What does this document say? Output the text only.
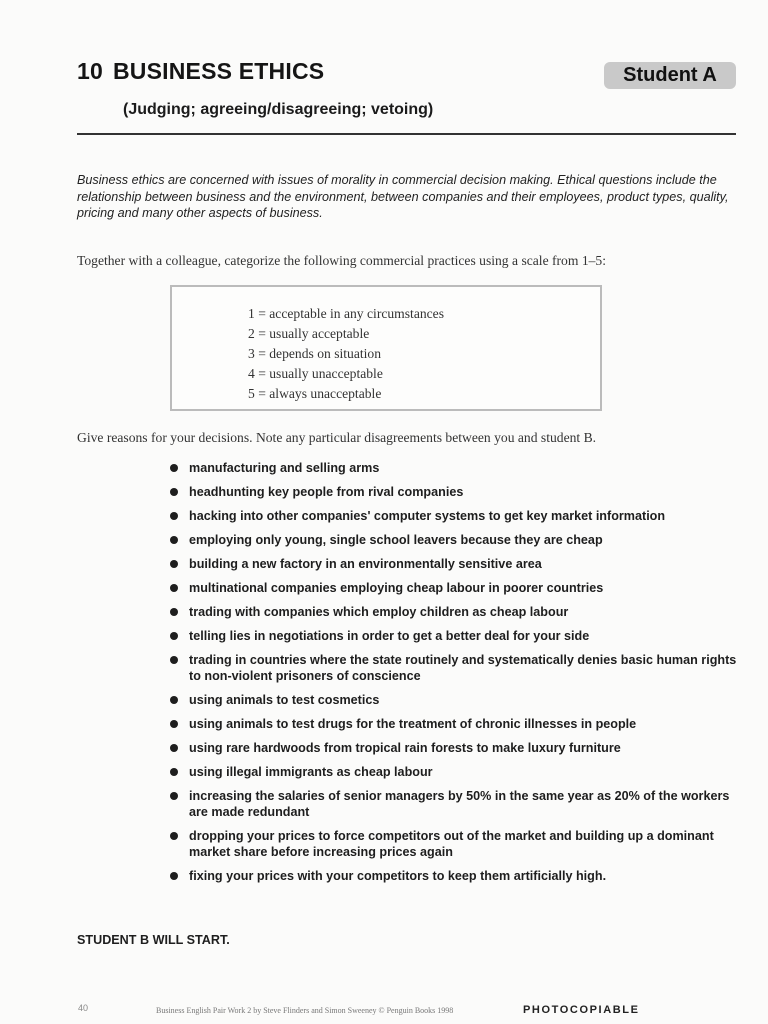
10 BUSINESS ETHICS	Student A
(Judging; agreeing/disagreeing; vetoing)
Business ethics are concerned with issues of morality in commercial decision making. Ethical questions include the relationship between business and the environment, between companies and their employees, product types, quality, pricing and many other aspects of business.
Together with a colleague, categorize the following commercial practices using a scale from 1–5:
1 = acceptable in any circumstances
2 = usually acceptable
3 = depends on situation
4 = usually unacceptable
5 = always unacceptable
Give reasons for your decisions. Note any particular disagreements between you and student B.
manufacturing and selling arms
headhunting key people from rival companies
hacking into other companies' computer systems to get key market information
employing only young, single school leavers because they are cheap
building a new factory in an environmentally sensitive area
multinational companies employing cheap labour in poorer countries
trading with companies which employ children as cheap labour
telling lies in negotiations in order to get a better deal for your side
trading in countries where the state routinely and systematically denies basic human rights to non-violent prisoners of conscience
using animals to test cosmetics
using animals to test drugs for the treatment of chronic illnesses in people
using rare hardwoods from tropical rain forests to make luxury furniture
using illegal immigrants as cheap labour
increasing the salaries of senior managers by 50% in the same year as 20% of the workers are made redundant
dropping your prices to force competitors out of the market and building up a dominant market share before increasing prices again
fixing your prices with your competitors to keep them artificially high.
STUDENT B WILL START.
40	Business English Pair Work 2 by Steve Flinders and Simon Sweeney © Penguin Books 1998	PHOTOCOPIABLE
